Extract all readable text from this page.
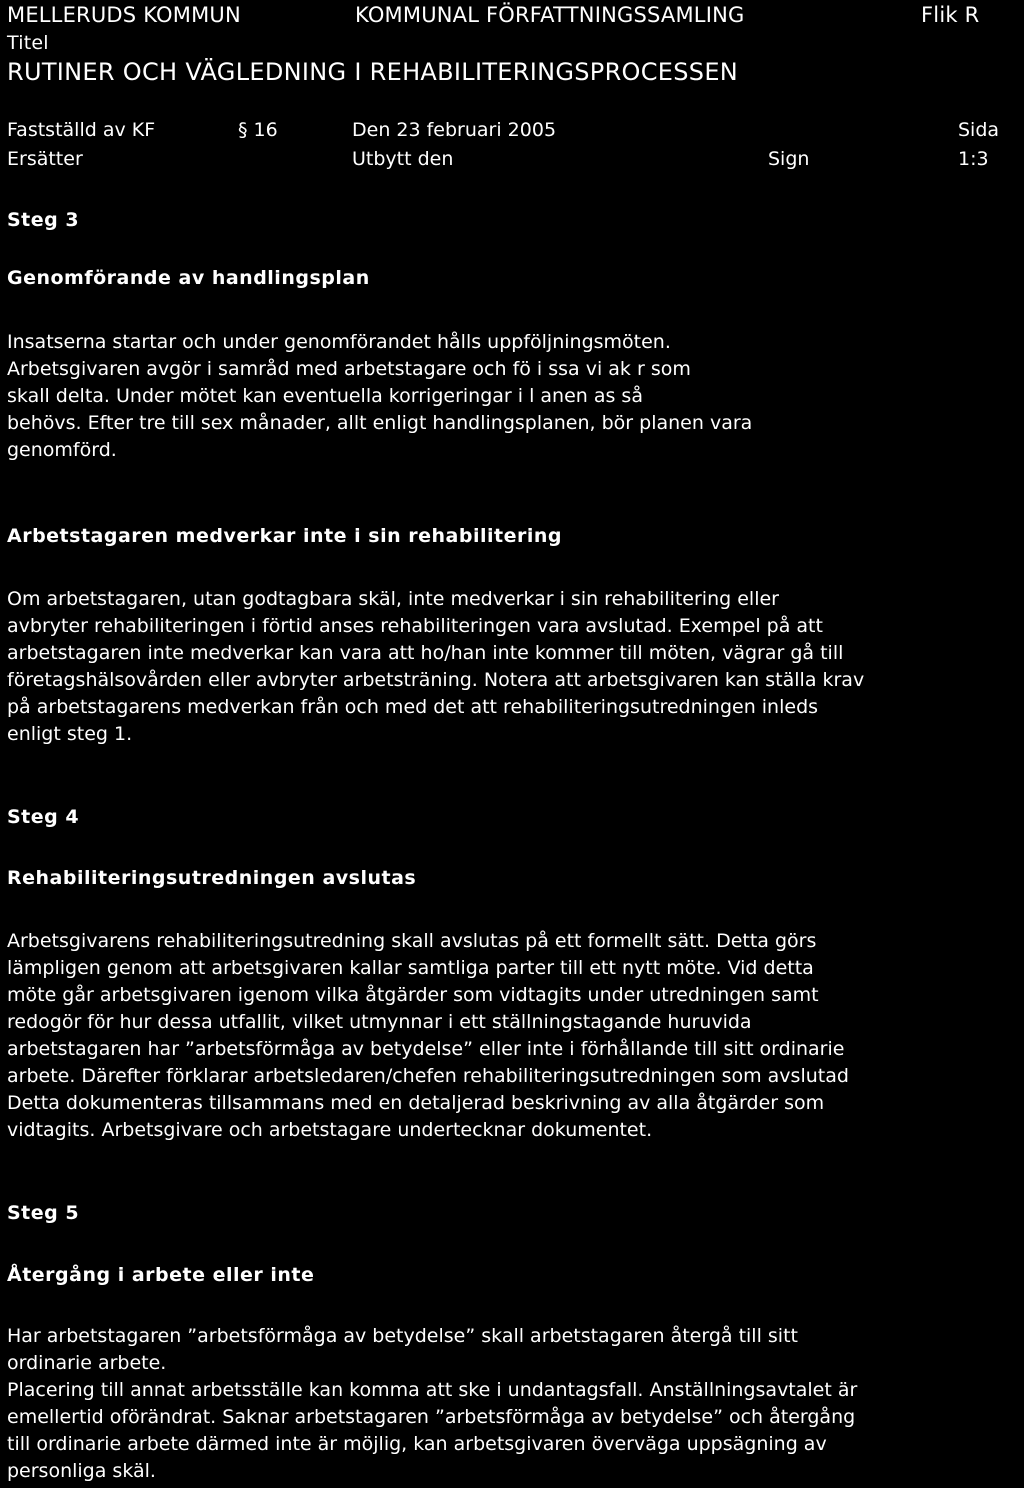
MELLERUDS KOMMUN	KOMMUNAL FÖRFATTNINGSSAMLING	Flik R
Titel
RUTINER OCH VÄGLEDNING I REHABILITERINGSPROCESSEN
Fastställd av KF	§ 16	Den 23 februari 2005	Sida
Ersätter	Utbytt den	Sign	1:3
Steg 3
Genomförande av handlingsplan
Insatserna startar och under genomförandet hålls uppföljningsmöten.
Arbetsgivaren avgör i samråd med arbetstagare och fö i ssa vi ak r som
skall delta. Under mötet kan eventuella korrigeringar i l anen as så
behövs. Efter tre till sex månader, allt enligt handlingsplanen, bör planen vara
genomförd.
Arbetstagaren medverkar inte i sin rehabilitering
Om arbetstagaren, utan godtagbara skäl, inte medverkar i sin rehabilitering eller
avbryter rehabiliteringen i förtid anses rehabiliteringen vara avslutad. Exempel på att
arbetstagaren inte medverkar kan vara att ho/han inte kommer till möten, vägrar gå till
företagshälsovården eller avbryter arbetsträning. Notera att arbetsgivaren kan ställa krav
på arbetstagarens medverkan från och med det att rehabiliteringsutredningen inleds
enligt steg 1.
Steg 4
Rehabiliteringsutredningen avslutas
Arbetsgivarens rehabiliteringsutredning skall avslutas på ett formellt sätt. Detta görs
lämpligen genom att arbetsgivaren kallar samtliga parter till ett nytt möte. Vid detta
möte går arbetsgivaren igenom vilka åtgärder som vidtagits under utredningen samt
redogör för hur dessa utfallit, vilket utmynnar i ett ställningstagande huruvida
arbetstagaren har ”arbetsförmåga av betydelse” eller inte i förhållande till sitt ordinarie
arbete. Därefter förklarar arbetsledaren/chefen rehabiliteringsutredningen som avslutad
Detta dokumenteras tillsammans med en detaljerad beskrivning av alla åtgärder som
vidtagits. Arbetsgivare och arbetstagare undertecknar dokumentet.
Steg 5
Återgång i arbete eller inte
Har arbetstagaren ”arbetsförmåga av betydelse” skall arbetstagaren återgå till sitt
ordinarie arbete.
Placering till annat arbetsställe kan komma att ske i undantagsfall. Anställningsavtalet är
emellertid oförändrat. Saknar arbetstagaren ”arbetsförmåga av betydelse” och återgång
till ordinarie arbete därmed inte är möjlig, kan arbetsgivaren överväga uppsägning av
personliga skäl.
